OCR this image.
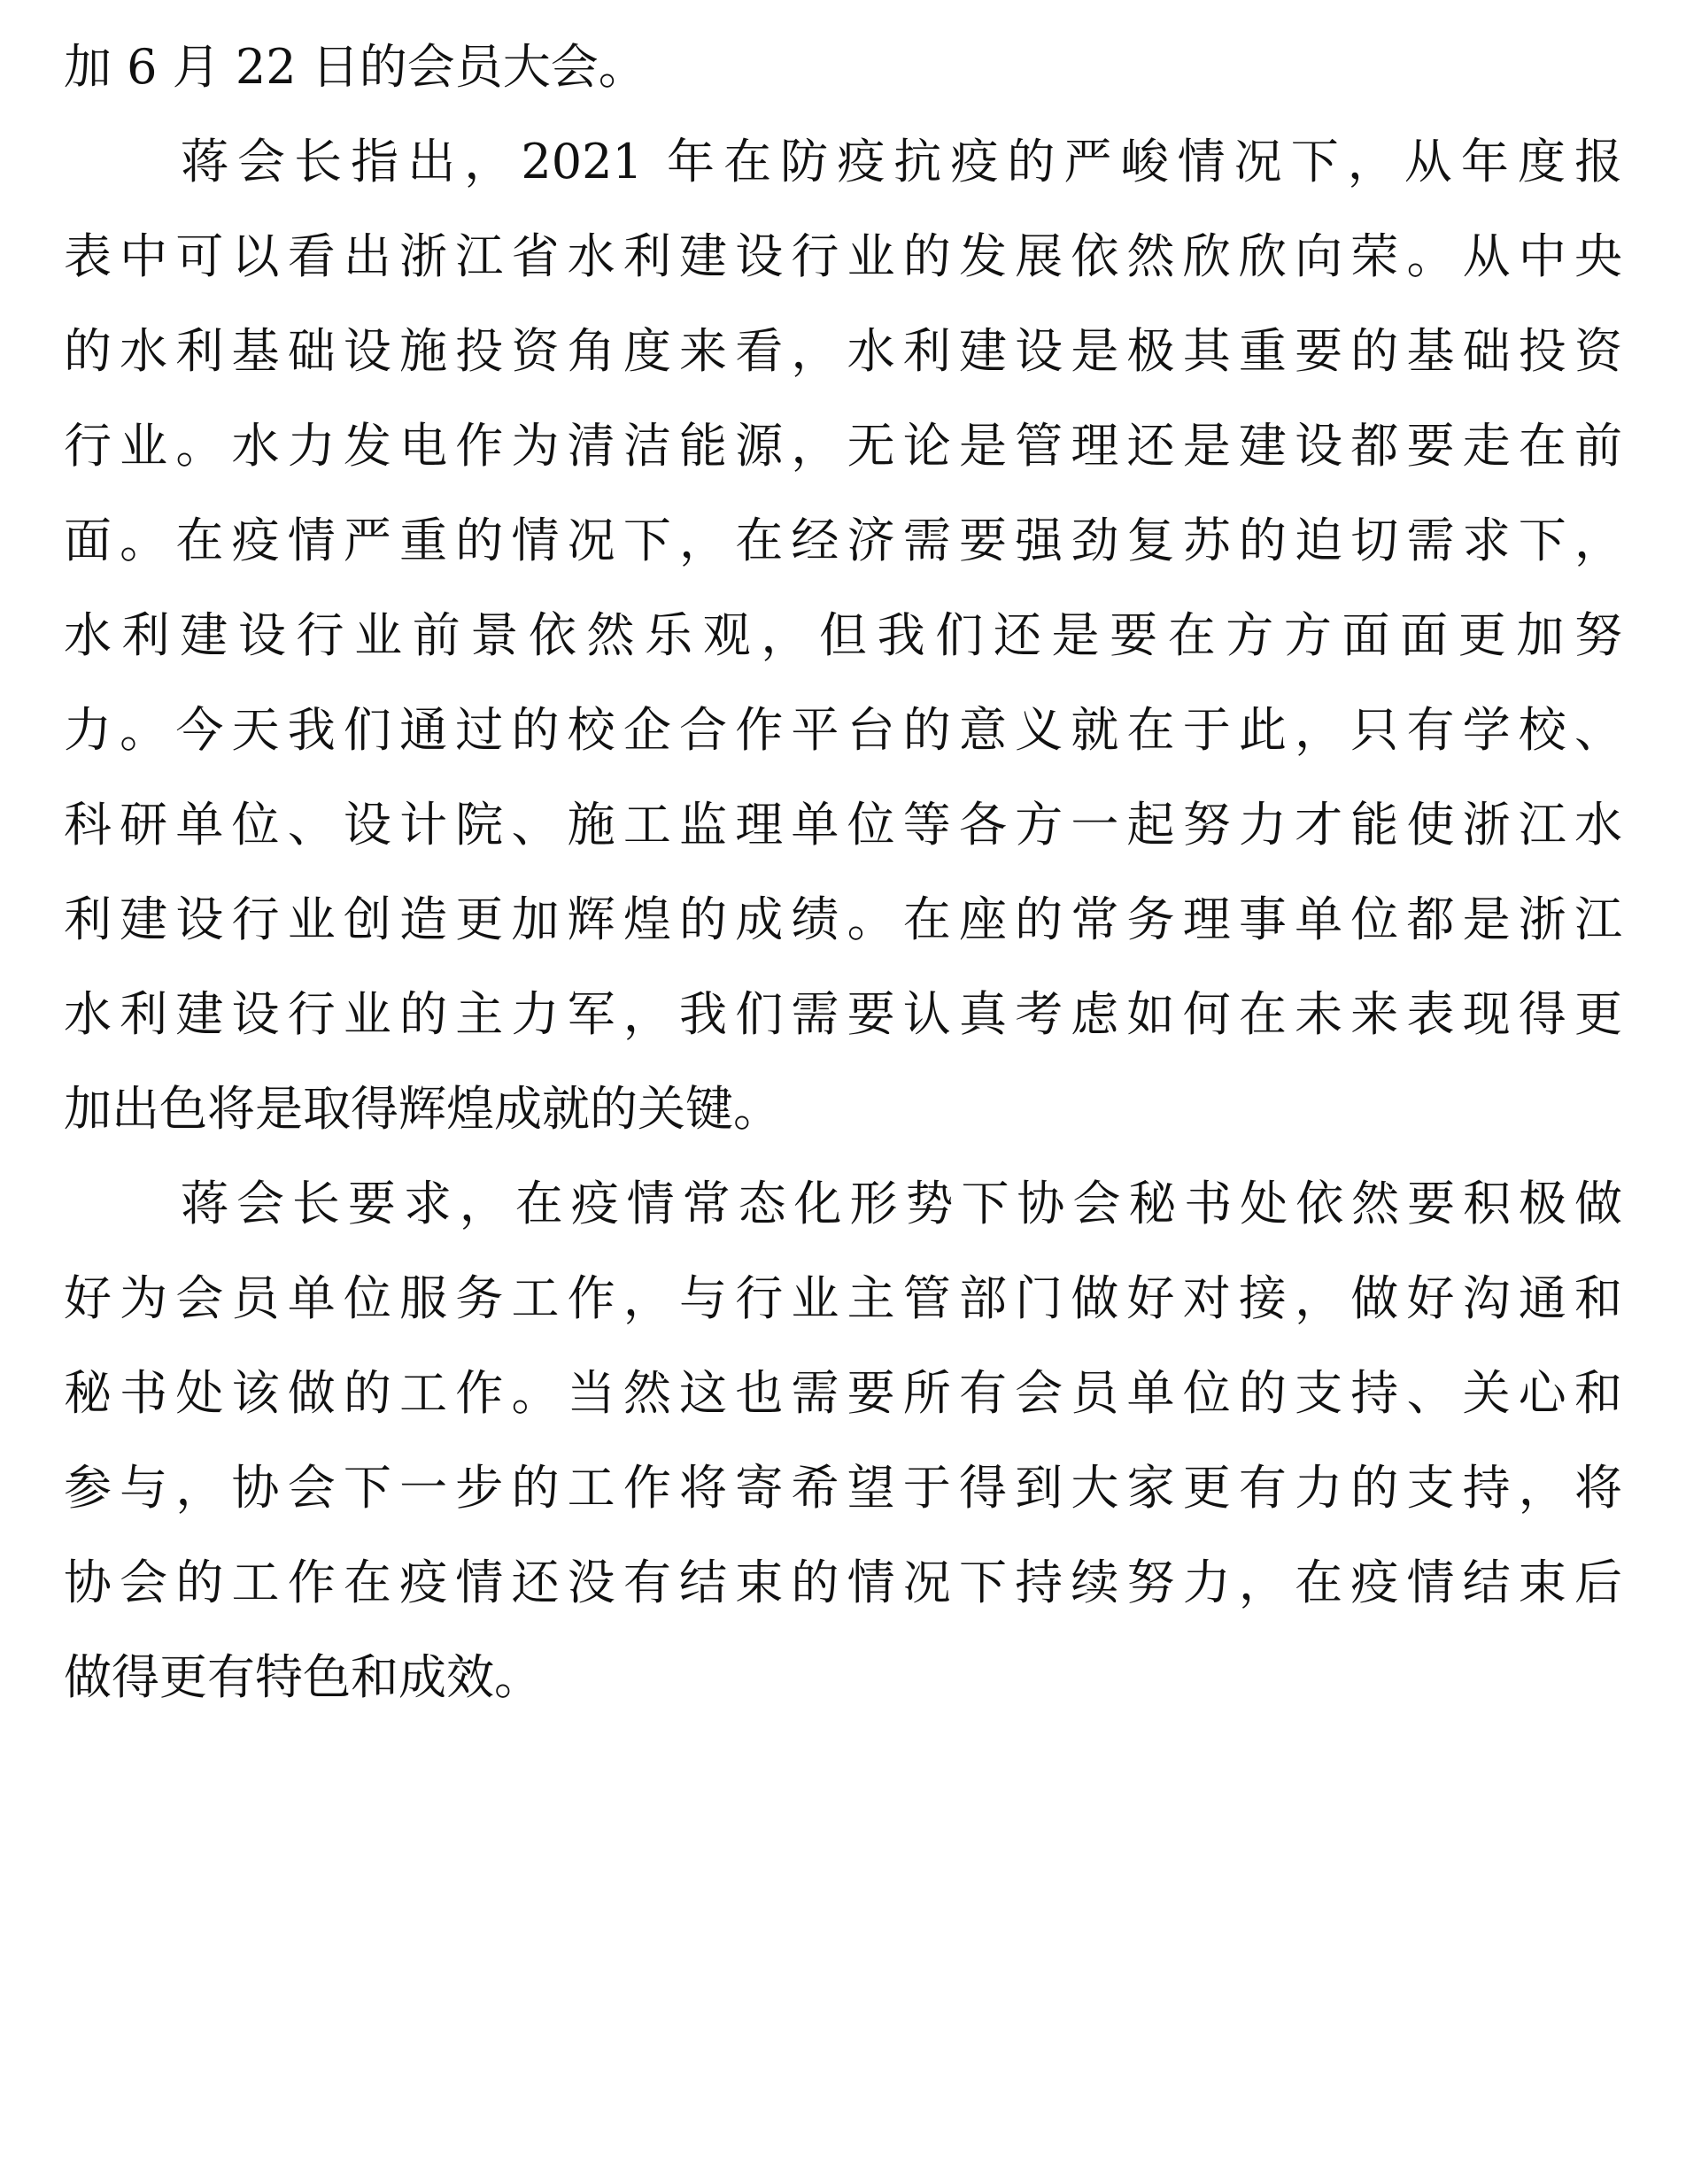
加 6 月 22 日的会员大会。
蒋会长指出，2021 年在防疫抗疫的严峻情况下，从年度报
表中可以看出浙江省水利建设行业的发展依然欣欣向荣。从中央
的水利基础设施投资角度来看，水利建设是极其重要的基础投资
行业。水力发电作为清洁能源，无论是管理还是建设都要走在前
面。在疫情严重的情况下，在经济需要强劲复苏的迫切需求下，
水利建设行业前景依然乐观，但我们还是要在方方面面更加努
力。今天我们通过的校企合作平台的意义就在于此，只有学校、
科研单位、设计院、施工监理单位等各方一起努力才能使浙江水
利建设行业创造更加辉煌的成绩。在座的常务理事单位都是浙江
水利建设行业的主力军，我们需要认真考虑如何在未来表现得更
加出色将是取得辉煌成就的关键。
蒋会长要求，在疫情常态化形势下协会秘书处依然要积极做
好为会员单位服务工作，与行业主管部门做好对接，做好沟通和
秘书处该做的工作。当然这也需要所有会员单位的支持、关心和
参与，协会下一步的工作将寄希望于得到大家更有力的支持，将
协会的工作在疫情还没有结束的情况下持续努力，在疫情结束后
做得更有特色和成效。
